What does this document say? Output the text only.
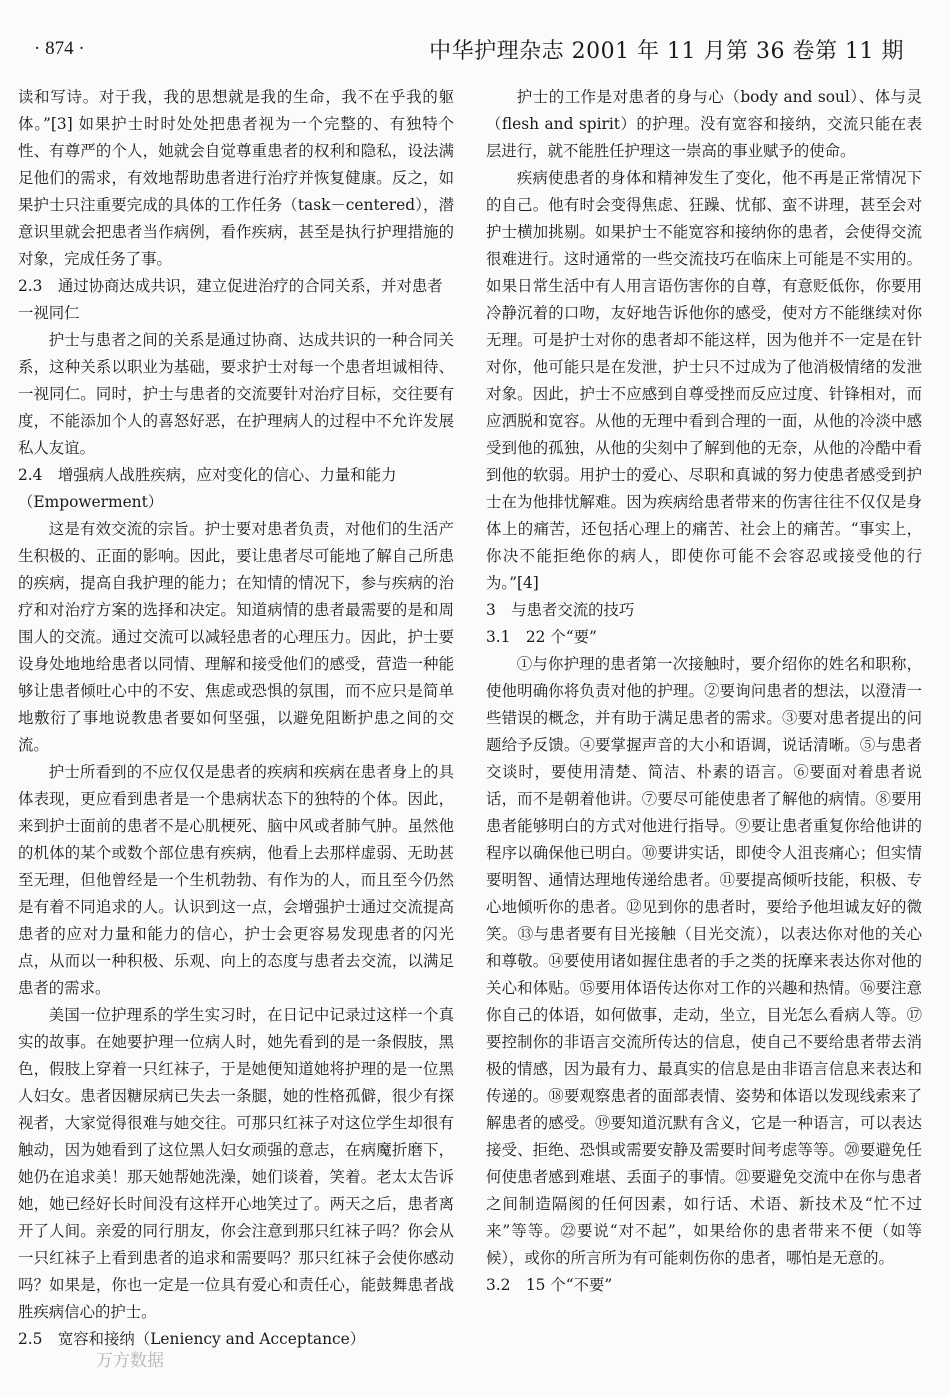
· 874 ·	中华护理杂志 2001 年 11 月第 36 卷第 11 期

读和写诗。对于我，我的思想就是我的生命，我不在乎我的躯体。”[3] 如果护士时时处处把患者视为一个完整的、有独特个性、有尊严的个人，她就会自觉尊重患者的权利和隐私，设法满足他们的需求，有效地帮助患者进行治疗并恢复健康。反之，如果护士只注重要完成的具体的工作任务（task－centered），潜意识里就会把患者当作病例，看作疾病，甚至是执行护理措施的对象，完成任务了事。

2.3　通过协商达成共识，建立促进治疗的合同关系，并对患者一视同仁

护士与患者之间的关系是通过协商、达成共识的一种合同关系，这种关系以职业为基础，要求护士对每一个患者坦诚相待、一视同仁。同时，护士与患者的交流要针对治疗目标，交往要有度，不能添加个人的喜怒好恶，在护理病人的过程中不允许发展私人友谊。

2.4　增强病人战胜疾病，应对变化的信心、力量和能力（Empowerment）

这是有效交流的宗旨。护士要对患者负责，对他们的生活产生积极的、正面的影响。因此，要让患者尽可能地了解自己所患的疾病，提高自我护理的能力；在知情的情况下，参与疾病的治疗和对治疗方案的选择和决定。知道病情的患者最需要的是和周围人的交流。通过交流可以减轻患者的心理压力。因此，护士要设身处地地给患者以同情、理解和接受他们的感受，营造一种能够让患者倾吐心中的不安、焦虑或恐惧的氛围，而不应只是简单地敷衍了事地说教患者要如何坚强，以避免阻断护患之间的交流。

护士所看到的不应仅仅是患者的疾病和疾病在患者身上的具体表现，更应看到患者是一个患病状态下的独特的个体。因此，来到护士面前的患者不是心肌梗死、脑中风或者肺气肿。虽然他的机体的某个或数个部位患有疾病，他看上去那样虚弱、无助甚至无理，但他曾经是一个生机勃勃、有作为的人，而且至今仍然是有着不同追求的人。认识到这一点，会增强护士通过交流提高患者的应对力量和能力的信心，护士会更容易发现患者的闪光点，从而以一种积极、乐观、向上的态度与患者去交流，以满足患者的需求。

美国一位护理系的学生实习时，在日记中记录过这样一个真实的故事。在她要护理一位病人时，她先看到的是一条假肢，黑色，假肢上穿着一只红袜子，于是她便知道她将护理的是一位黑人妇女。患者因糖尿病已失去一条腿，她的性格孤僻，很少有探视者，大家觉得很难与她交往。可那只红袜子对这位学生却很有触动，因为她看到了这位黑人妇女顽强的意志，在病魔折磨下，她仍在追求美！那天她帮她洗澡，她们谈着，笑着。老太太告诉她，她已经好长时间没有这样开心地笑过了。两天之后，患者离开了人间。亲爱的同行朋友，你会注意到那只红袜子吗？你会从一只红袜子上看到患者的追求和需要吗？那只红袜子会使你感动吗？如果是，你也一定是一位具有爱心和责任心，能鼓舞患者战胜疾病信心的护士。

2.5　宽容和接纳（Leniency and Acceptance）

护士的工作是对患者的身与心（body and soul）、体与灵（flesh and spirit）的护理。没有宽容和接纳，交流只能在表层进行，就不能胜任护理这一崇高的事业赋予的使命。

疾病使患者的身体和精神发生了变化，他不再是正常情况下的自己。他有时会变得焦虑、狂躁、忧郁、蛮不讲理，甚至会对护士横加挑剔。如果护士不能宽容和接纳你的患者，会使得交流很难进行。这时通常的一些交流技巧在临床上可能是不实用的。如果日常生活中有人用言语伤害你的自尊，有意贬低你，你要用冷静沉着的口吻，友好地告诉他你的感受，使对方不能继续对你无理。可是护士对你的患者却不能这样，因为他并不一定是在针对你，他可能只是在发泄，护士只不过成为了他消极情绪的发泄对象。因此，护士不应感到自尊受挫而反应过度、针锋相对，而应洒脱和宽容。从他的无理中看到合理的一面，从他的冷淡中感受到他的孤独，从他的尖刻中了解到他的无奈，从他的冷酷中看到他的软弱。用护士的爱心、尽职和真诚的努力使患者感受到护士在为他排忧解难。因为疾病给患者带来的伤害往往不仅仅是身体上的痛苦，还包括心理上的痛苦、社会上的痛苦。“事实上，你决不能拒绝你的病人，即使你可能不会容忍或接受他的行为。”[4]

3　与患者交流的技巧
3.1　22 个“要”

①与你护理的患者第一次接触时，要介绍你的姓名和职称，使他明确你将负责对他的护理。②要询问患者的想法，以澄清一些错误的概念，并有助于满足患者的需求。③要对患者提出的问题给予反馈。④要掌握声音的大小和语调，说话清晰。⑤与患者交谈时，要使用清楚、简洁、朴素的语言。⑥要面对着患者说话，而不是朝着他讲。⑦要尽可能使患者了解他的病情。⑧要用患者能够明白的方式对他进行指导。⑨要让患者重复你给他讲的程序以确保他已明白。⑩要讲实话，即使令人沮丧痛心；但实情要明智、通情达理地传递给患者。⑪要提高倾听技能，积极、专心地倾听你的患者。⑫见到你的患者时，要给予他坦诚友好的微笑。⑬与患者要有目光接触（目光交流），以表达你对他的关心和尊敬。⑭要使用诸如握住患者的手之类的抚摩来表达你对他的关心和体贴。⑮要用体语传达你对工作的兴趣和热情。⑯要注意你自己的体语，如何做事，走动，坐立，目光怎么看病人等。⑰要控制你的非语言交流所传达的信息，使自己不要给患者带去消极的情感，因为最有力、最真实的信息是由非语言信息来表达和传递的。⑱要观察患者的面部表情、姿势和体语以发现线索来了解患者的感受。⑲要知道沉默有含义，它是一种语言，可以表达接受、拒绝、恐惧或需要安静及需要时间考虑等等。⑳要避免任何使患者感到难堪、丢面子的事情。㉑要避免交流中在你与患者之间制造隔阂的任何因素，如行话、术语、新技术及“忙不过来”等等。㉒要说“对不起”，如果给你的患者带来不便（如等候），或你的所言所为有可能刺伤你的患者，哪怕是无意的。

3.2　15 个“不要”
万方数据
